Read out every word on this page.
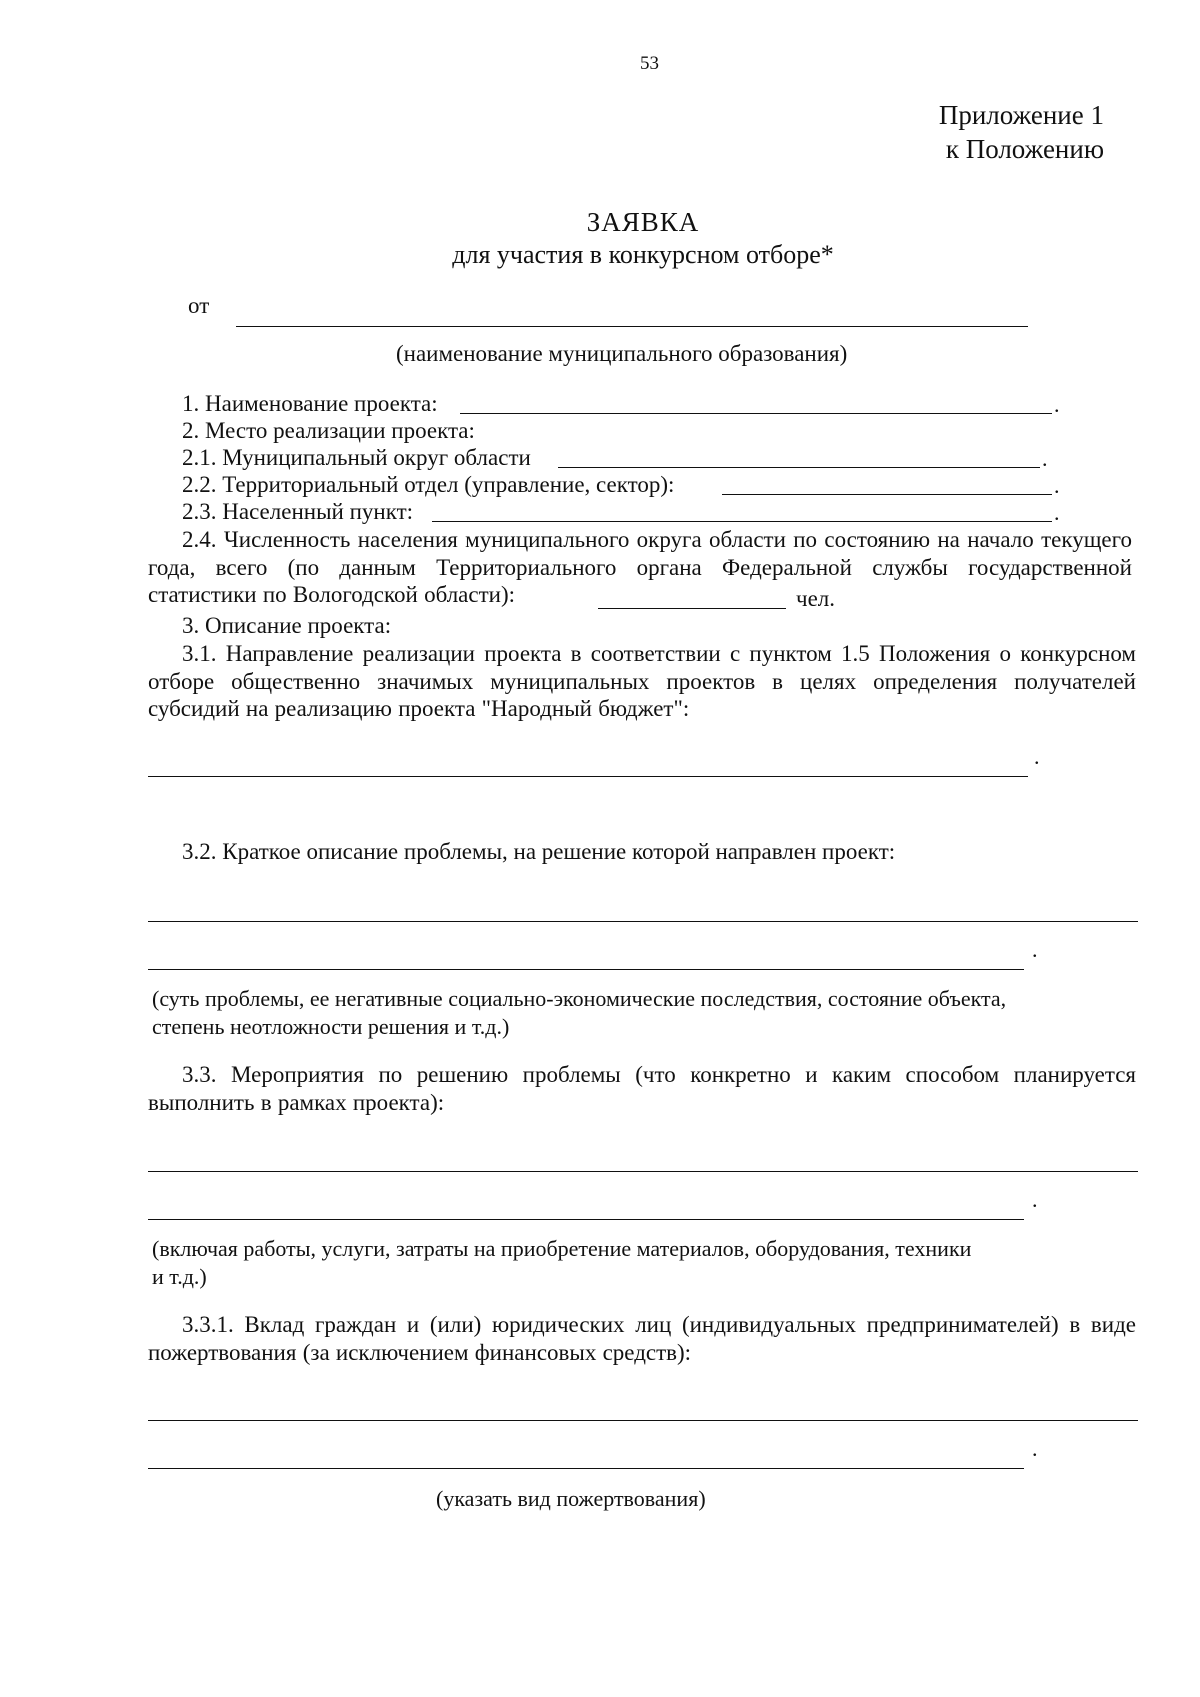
53
Приложение 1
к Положению
ЗАЯВКА
для участия в конкурсном отборе*
от
(наименование муниципального образования)
1. Наименование проекта:	.
2. Место реализации проекта:
2.1. Муниципальный округ области	.
2.2. Территориальный отдел (управление, сектор):	.
2.3. Населенный пункт:	.
2.4. Численность населения муниципального округа области по состоянию на начало текущего года, всего (по данным Территориального органа Федеральной службы государственной статистики по Вологодской области):	чел.
3. Описание проекта:
3.1. Направление реализации проекта в соответствии с пунктом 1.5 Положения о конкурсном отборе общественно значимых муниципальных проектов в целях определения получателей субсидий на реализацию проекта "Народный бюджет":
.
3.2. Краткое описание проблемы, на решение которой направлен проект:
.
(суть проблемы, ее негативные социально-экономические последствия, состояние объекта, степень неотложности решения и т.д.)
3.3. Мероприятия по решению проблемы (что конкретно и каким способом планируется выполнить в рамках проекта):
.
(включая работы, услуги, затраты на приобретение материалов, оборудования, техники и т.д.)
3.3.1. Вклад граждан и (или) юридических лиц (индивидуальных предпринимателей) в виде пожертвования (за исключением финансовых средств):
.
(указать вид пожертвования)
